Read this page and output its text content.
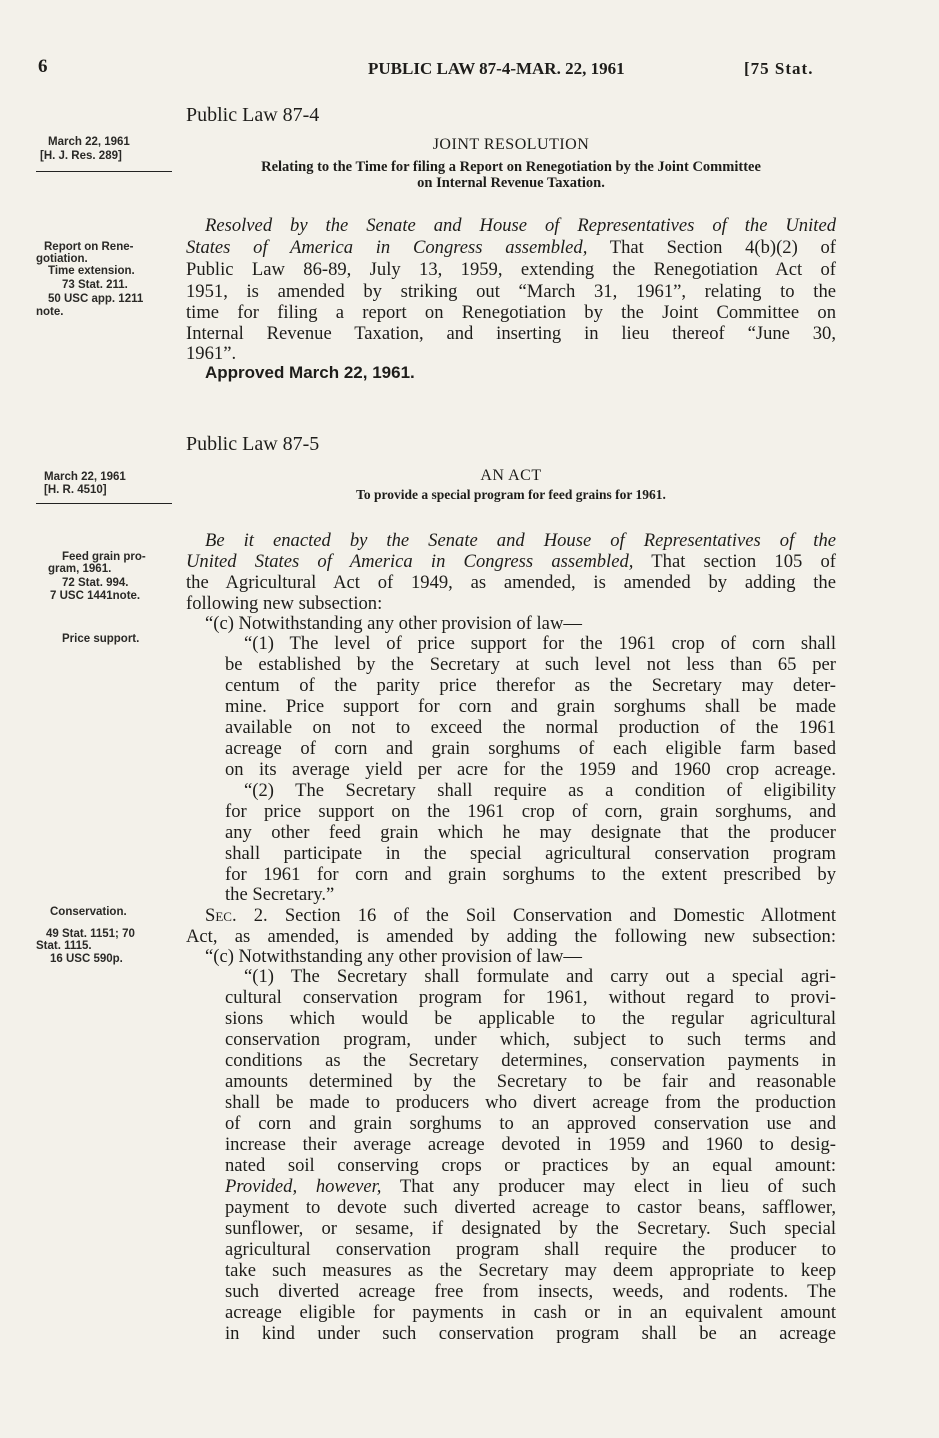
6	PUBLIC LAW 87-4-MAR. 22, 1961	[75 Stat.
Public Law 87-4
March 22, 1961
[H. J. Res. 289]
JOINT RESOLUTION
Relating to the Time for filing a Report on Renegotiation by the Joint Committee
on Internal Revenue Taxation.
Report on Rene-
gotiation.
Time extension.
73 Stat. 211.
50 USC app. 1211
note.
Resolved by the Senate and House of Representatives of the United
States of America in Congress assembled, That Section 4(b)(2) of
Public Law 86-89, July 13, 1959, extending the Renegotiation Act of
1951, is amended by striking out “March 31, 1961”, relating to the
time for filing a report on Renegotiation by the Joint Committee on
Internal Revenue Taxation, and inserting in lieu thereof “June 30,
1961”.
Approved March 22, 1961.
Public Law 87-5
March 22, 1961
[H. R. 4510]
AN ACT
To provide a special program for feed grains for 1961.
Feed grain pro-
gram, 1961.
72 Stat. 994.
7 USC 1441note.
Price support.
Conservation.
49 Stat. 1151; 70
Stat. 1115.
16 USC 590p.
Be it enacted by the Senate and House of Representatives of the
United States of America in Congress assembled, That section 105 of
the Agricultural Act of 1949, as amended, is amended by adding the
following new subsection:
“(c) Notwithstanding any other provision of law—
“(1) The level of price support for the 1961 crop of corn shall
be established by the Secretary at such level not less than 65 per
centum of the parity price therefor as the Secretary may deter-
mine. Price support for corn and grain sorghums shall be made
available on not to exceed the normal production of the 1961
acreage of corn and grain sorghums of each eligible farm based
on its average yield per acre for the 1959 and 1960 crop acreage.
“(2) The Secretary shall require as a condition of eligibility
for price support on the 1961 crop of corn, grain sorghums, and
any other feed grain which he may designate that the producer
shall participate in the special agricultural conservation program
for 1961 for corn and grain sorghums to the extent prescribed by
the Secretary.”
Sec. 2. Section 16 of the Soil Conservation and Domestic Allotment
Act, as amended, is amended by adding the following new subsection:
“(c) Notwithstanding any other provision of law—
“(1) The Secretary shall formulate and carry out a special agri-
cultural conservation program for 1961, without regard to provi-
sions which would be applicable to the regular agricultural
conservation program, under which, subject to such terms and
conditions as the Secretary determines, conservation payments in
amounts determined by the Secretary to be fair and reasonable
shall be made to producers who divert acreage from the production
of corn and grain sorghums to an approved conservation use and
increase their average acreage devoted in 1959 and 1960 to desig-
nated soil conserving crops or practices by an equal amount:
Provided, however, That any producer may elect in lieu of such
payment to devote such diverted acreage to castor beans, safflower,
sunflower, or sesame, if designated by the Secretary. Such special
agricultural conservation program shall require the producer to
take such measures as the Secretary may deem appropriate to keep
such diverted acreage free from insects, weeds, and rodents. The
acreage eligible for payments in cash or in an equivalent amount
in kind under such conservation program shall be an acreage
